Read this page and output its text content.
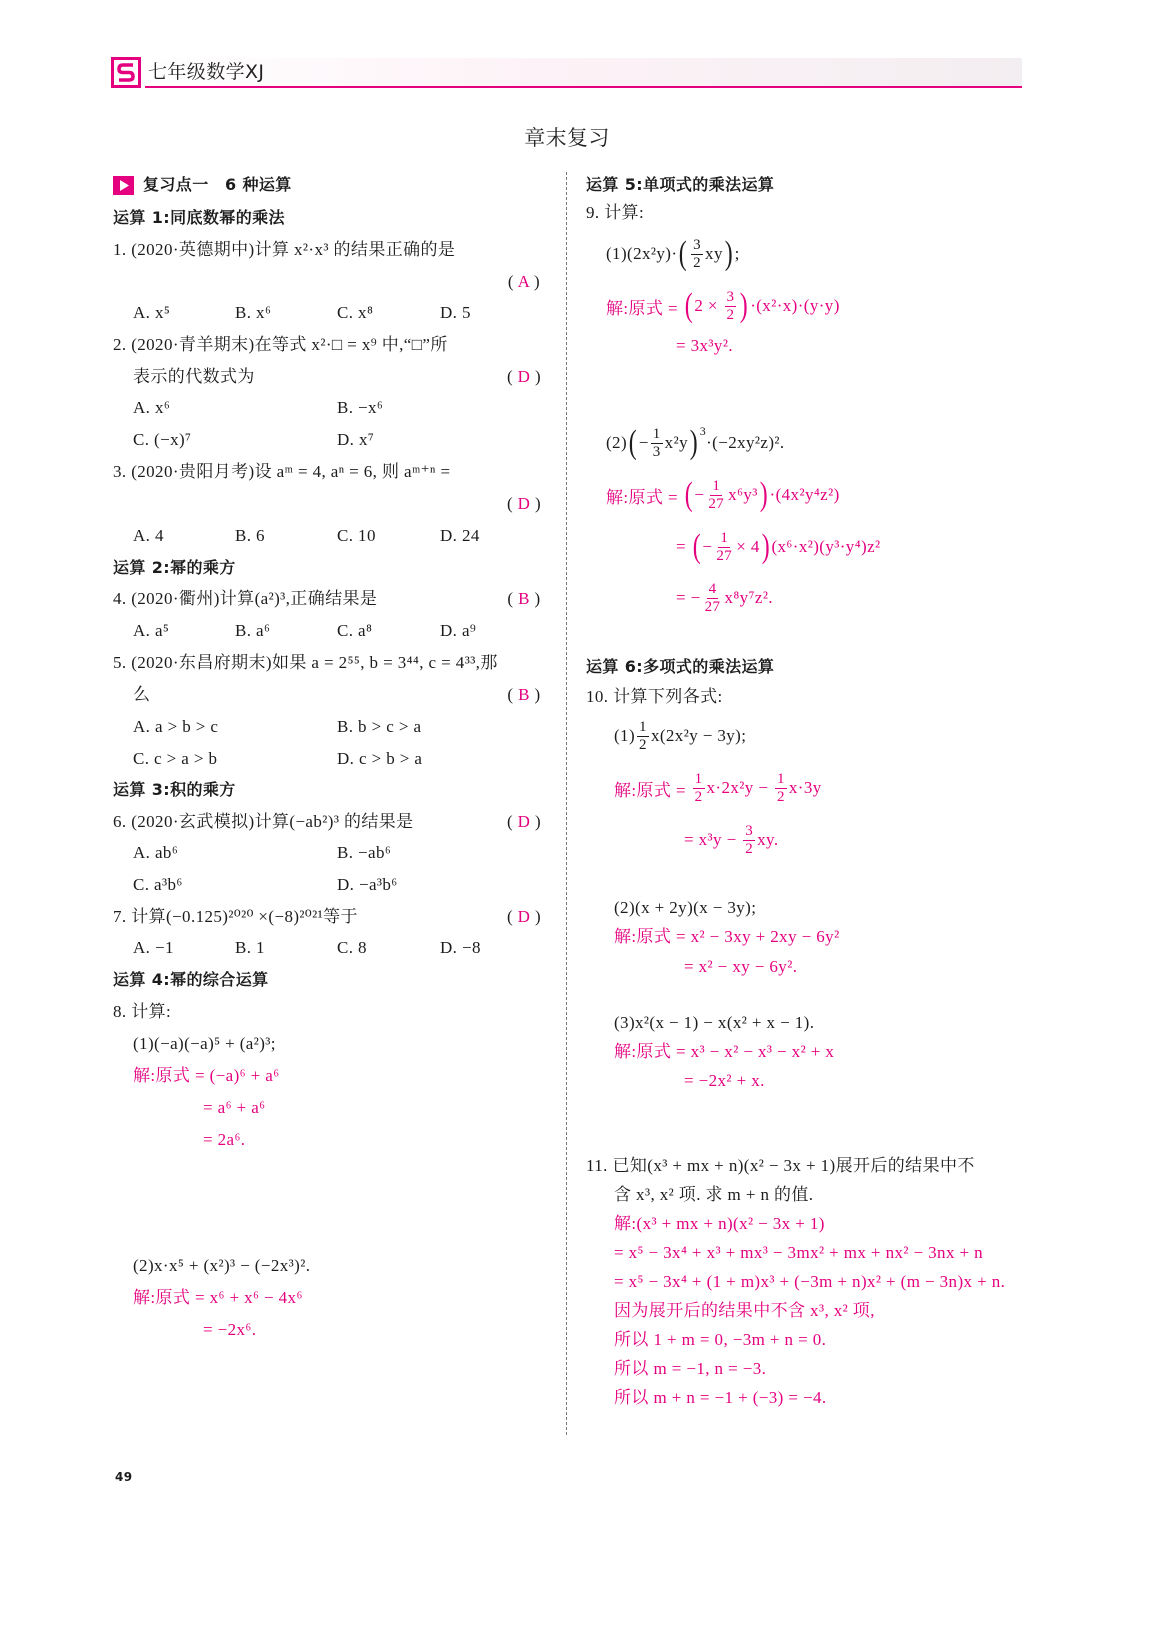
七年级数学XJ
章末复习
复习点一　6 种运算
运算 1:同底数幂的乘法
1. (2020·英德期中)计算 x²·x³ 的结果正确的是
( A )
A. x⁵	B. x⁶	C. x⁸	D. 5
2. (2020·青羊期末)在等式 x²·□ = x⁹ 中,“□”所
表示的代数式为	( D )
A. x⁶	B. −x⁶
C. (−x)⁷	D. x⁷
3. (2020·贵阳月考)设 aᵐ = 4, aⁿ = 6, 则 aᵐ⁺ⁿ =
( D )
A. 4	B. 6	C. 10	D. 24
运算 2:幂的乘方
4. (2020·衢州)计算(a²)³,正确结果是	( B )
A. a⁵	B. a⁶	C. a⁸	D. a⁹
5. (2020·东昌府期末)如果 a = 2⁵⁵, b = 3⁴⁴, c = 4³³,那
么	( B )
A. a > b > c	B. b > c > a
C. c > a > b	D. c > b > a
运算 3:积的乘方
6. (2020·玄武模拟)计算(−ab²)³ 的结果是	( D )
A. ab⁶	B. −ab⁶
C. a³b⁶	D. −a³b⁶
7. 计算(−0.125)²⁰²⁰ ×(−8)²⁰²¹等于	( D )
A. −1	B. 1	C. 8	D. −8
运算 4:幂的综合运算
8. 计算:
(1)(−a)(−a)⁵ + (a²)³;
解:原式 = (−a)⁶ + a⁶
= a⁶ + a⁶
= 2a⁶.
(2)x·x⁵ + (x²)³ − (−2x³)².
解:原式 = x⁶ + x⁶ − 4x⁶
= −2x⁶.
运算 5:单项式的乘法运算
9. 计算:
(1)(2x²y)· ( $\frac{3}{2}$ xy ) ;
解:原式 = ( $2 \times \frac{3}{2}$ ) ·(x²·x)·(y·y)
= 3x³y².
(2) ( − $\frac{1}{3} x^2y$ ) 3
·(−2xy²z)².
解:原式 = ( − $\frac{1}{27} x^6y^3$ ) ·(4x²y⁴z²)
= ( − $\frac{1}{27} \times 4$ ) (x⁶·x²)(y³·y⁴)z²
= − $\frac{4}{27} x^8y^7z^2$.
运算 6:多项式的乘法运算
10. 计算下列各式:
$(1) \frac{1}{2} x(2x^2y - 3y)$;
解:原式 = $\frac{1}{2} x\cdot 2x^2y - \frac{1}{2} x\cdot 3y$
= $x^3y - \frac{3}{2}$ xy.
(2)(x + 2y)(x − 3y);
解:原式 = x² − 3xy + 2xy − 6y²
= x² − xy − 6y².
(3)x²(x − 1) − x(x² + x − 1).
解:原式 = x³ − x² − x³ − x² + x
= −2x² + x.
11. 已知(x³ + mx + n)(x² − 3x + 1)展开后的结果中不
含 x³, x² 项. 求 m + n 的值.
解:(x³ + mx + n)(x² − 3x + 1)
= x⁵ − 3x⁴ + x³ + mx³ − 3mx² + mx + nx² − 3nx + n
= x⁵ − 3x⁴ + (1 + m)x³ + (−3m + n)x² + (m − 3n)x + n.
因为展开后的结果中不含 x³, x² 项,
所以 1 + m = 0, −3m + n = 0.
所以 m = −1, n = −3.
所以 m + n = −1 + (−3) = −4.
49
